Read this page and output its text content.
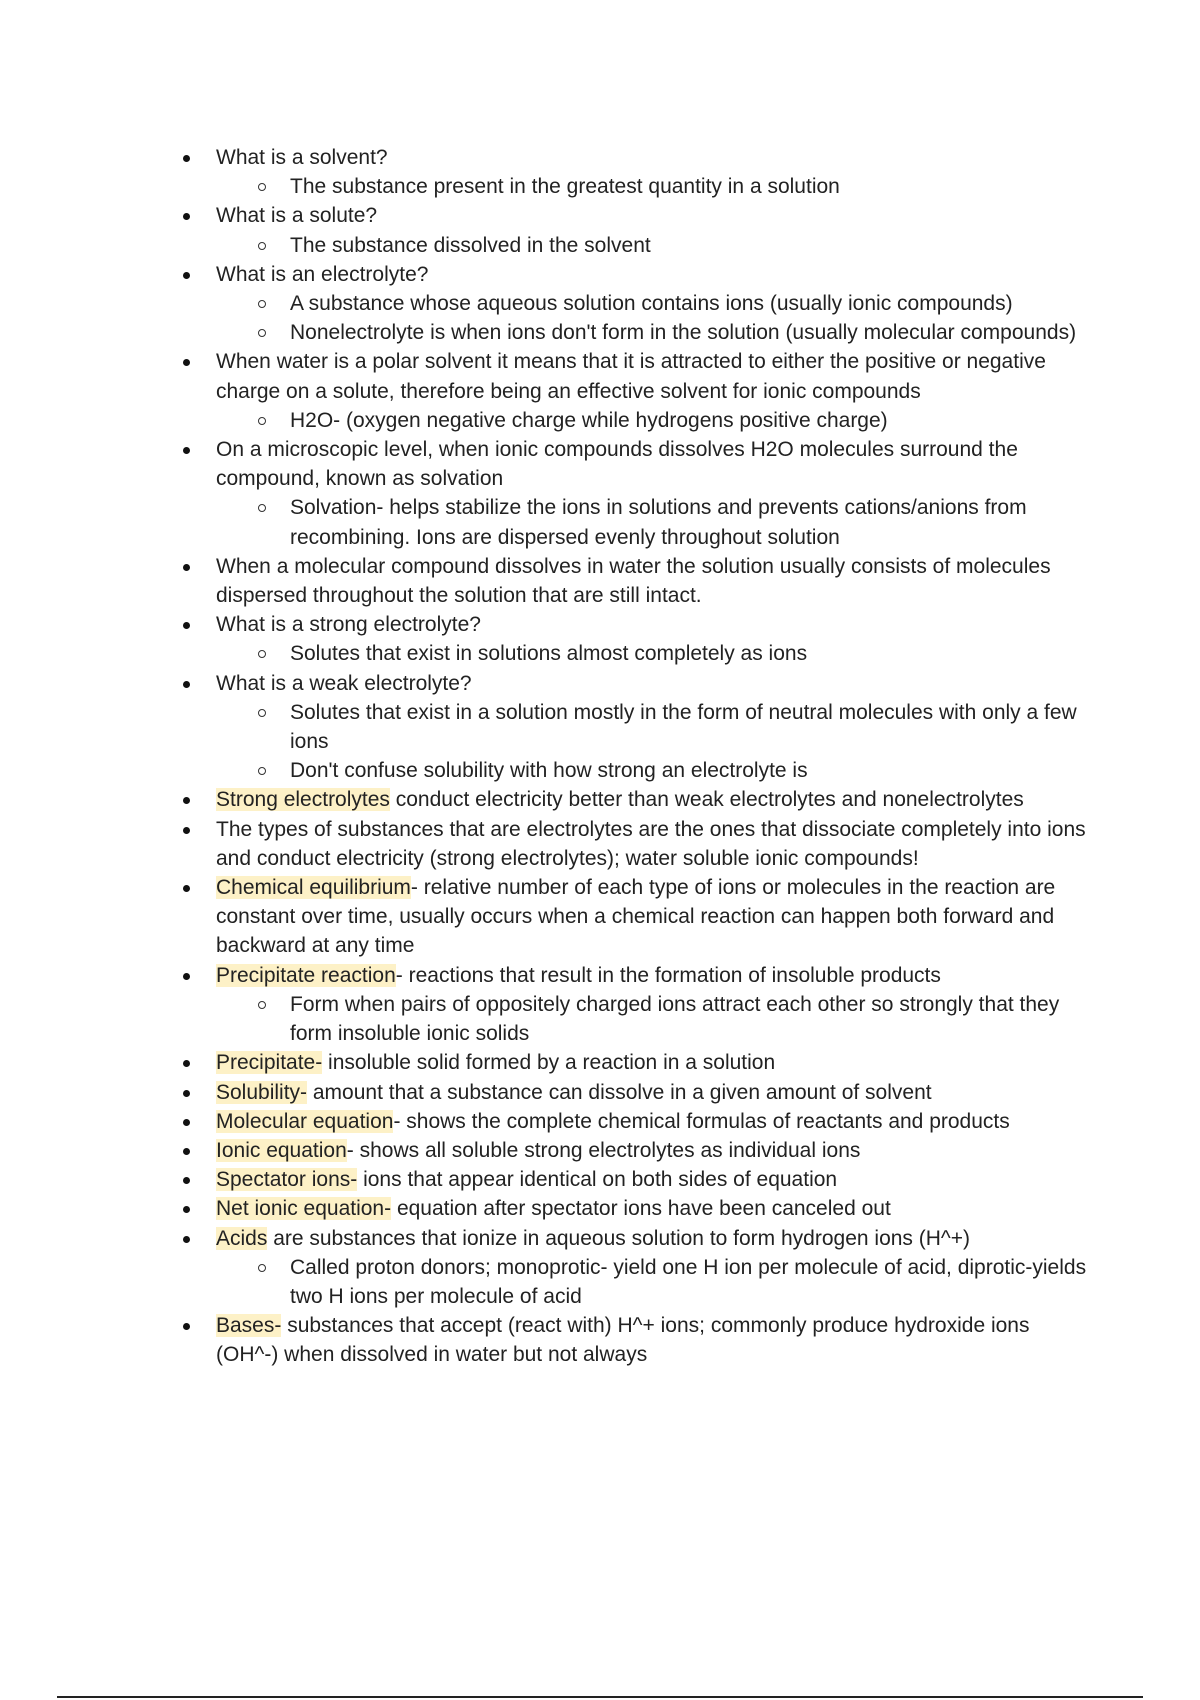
What is a solvent?
The substance present in the greatest quantity in a solution
What is a solute?
The substance dissolved in the solvent
What is an electrolyte?
A substance whose aqueous solution contains ions (usually ionic compounds)
Nonelectrolyte is when ions don't form in the solution (usually molecular compounds)
When water is a polar solvent it means that it is attracted to either the positive or negative charge on a solute, therefore being an effective solvent for ionic compounds
H2O- (oxygen negative charge while hydrogens positive charge)
On a microscopic level, when ionic compounds dissolves H2O molecules surround the compound, known as solvation
Solvation- helps stabilize the ions in solutions and prevents cations/anions from recombining. Ions are dispersed evenly throughout solution
When a molecular compound dissolves in water the solution usually consists of molecules dispersed throughout the solution that are still intact.
What is a strong electrolyte?
Solutes that exist in solutions almost completely as ions
What is a weak electrolyte?
Solutes that exist in a solution mostly in the form of neutral molecules with only a few ions
Don't confuse solubility with how strong an electrolyte is
Strong electrolytes conduct electricity better than weak electrolytes and nonelectrolytes
The types of substances that are electrolytes are the ones that dissociate completely into ions and conduct electricity (strong electrolytes); water soluble ionic compounds!
Chemical equilibrium- relative number of each type of ions or molecules in the reaction are constant over time, usually occurs when a chemical reaction can happen both forward and backward at any time
Precipitate reaction- reactions that result in the formation of insoluble products
Form when pairs of oppositely charged ions attract each other so strongly that they form insoluble ionic solids
Precipitate- insoluble solid formed by a reaction in a solution
Solubility- amount that a substance can dissolve in a given amount of solvent
Molecular equation- shows the complete chemical formulas of reactants and products
Ionic equation- shows all soluble strong electrolytes as individual ions
Spectator ions- ions that appear identical on both sides of equation
Net ionic equation- equation after spectator ions have been canceled out
Acids are substances that ionize in aqueous solution to form hydrogen ions (H^+)
Called proton donors; monoprotic- yield one H ion per molecule of acid, diprotic-yields two H ions per molecule of acid
Bases- substances that accept (react with) H^+ ions; commonly produce hydroxide ions (OH^-) when dissolved in water but not always
